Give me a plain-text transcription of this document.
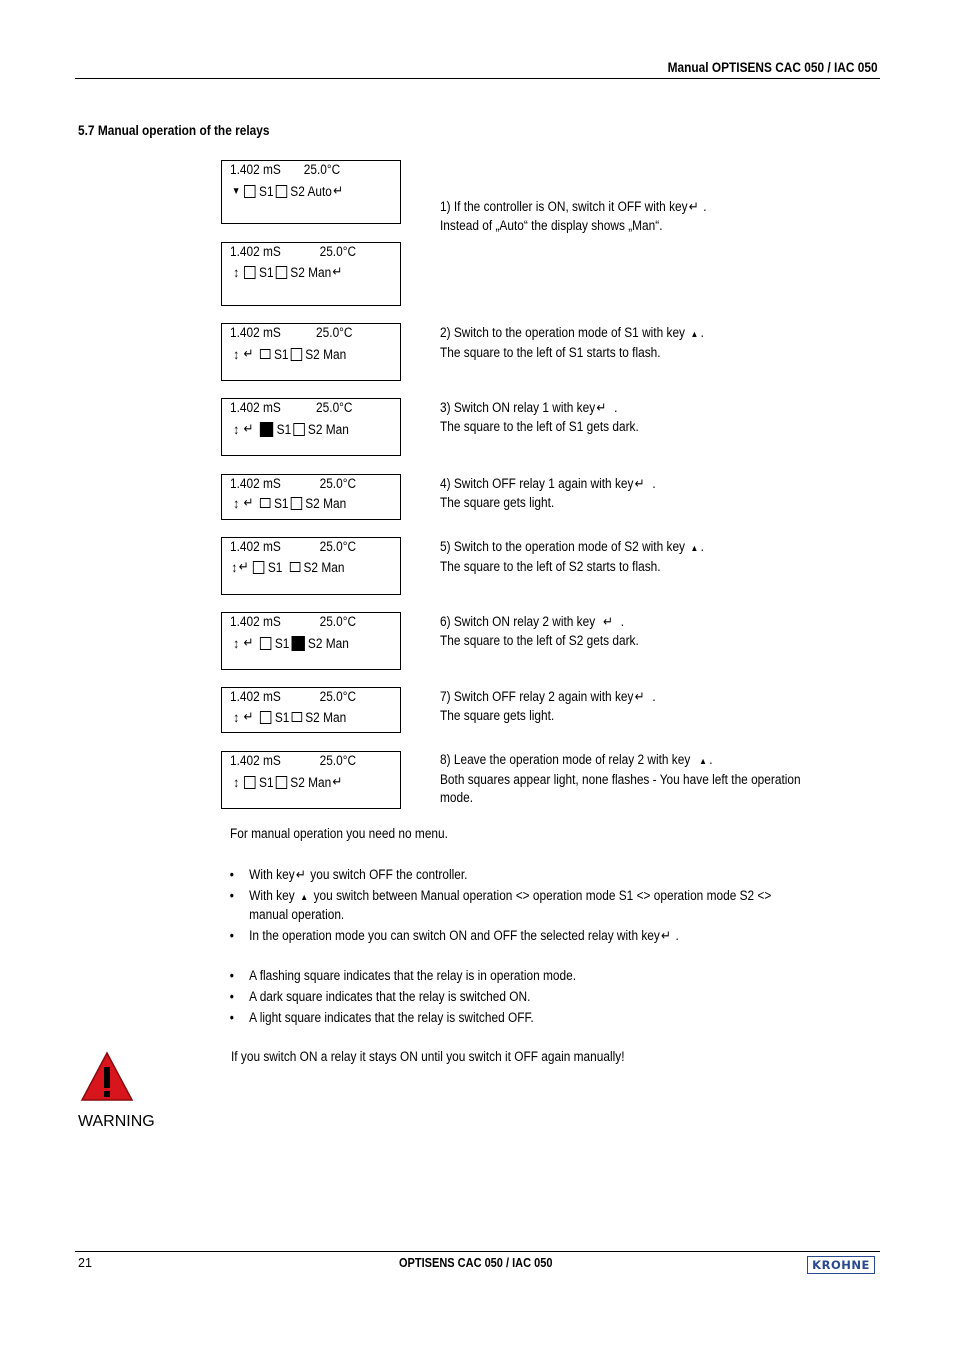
Manual OPTISENS CAC 050 / IAC 050
5.7 Manual operation of the relays
1.402 mS 25.0°C
▼ S1 S2 Auto ↵
1.402 mS	25.0°C
↕ S1 S2 Man ↵
1.402 mS	25.0°C
↕ ↵ S1 S2 Man
1.402 mS	25.0°C
↕ ↵ S1 S2 Man
1.402 mS	25.0°C
↕ ↵ S1 S2 Man
1.402 mS	25.0°C
↕ ↵ S1 S2 Man
1.402 mS	25.0°C
↕ ↵ S1 S2 Man
1.402 mS	25.0°C
↕ ↵ S1 S2 Man
1.402 mS	25.0°C
↕ S1 S2 Man ↵
1) If the controller is ON, switch it OFF with key↵ .
Instead of „Auto“ the display shows „Man“.
2) Switch to the operation mode of S1 with key ▲ .
The square to the left of S1 starts to flash.
3) Switch ON relay 1 with key↵  .
The square to the left of S1 gets dark.
4) Switch OFF relay 1 again with key↵  .
The square gets light.
5) Switch to the operation mode of S2 with key ▲ .
The square to the left of S2 starts to flash.
6) Switch ON relay 2 with key ↵  .
The square to the left of S2 gets dark.
7) Switch OFF relay 2 again with key↵  .
The square gets light.
8) Leave the operation mode of relay 2 with key ▲ .
Both squares appear light, none flashes - You have left the operation
mode.
For manual operation you need no menu.
• With key↵ you switch OFF the controller.
• With key ▲ you switch between Manual operation <> operation mode S1 <> operation mode S2 <> manual operation.
• In the operation mode you can switch ON and OFF the selected relay with key↵ .
• A flashing square indicates that the relay is in operation mode.
• A dark square indicates that the relay is switched ON.
• A light square indicates that the relay is switched OFF.
WARNING
If you switch ON a relay it stays ON until you switch it OFF again manually!
21	OPTISENS CAC 050 / IAC 050	KROHNE
